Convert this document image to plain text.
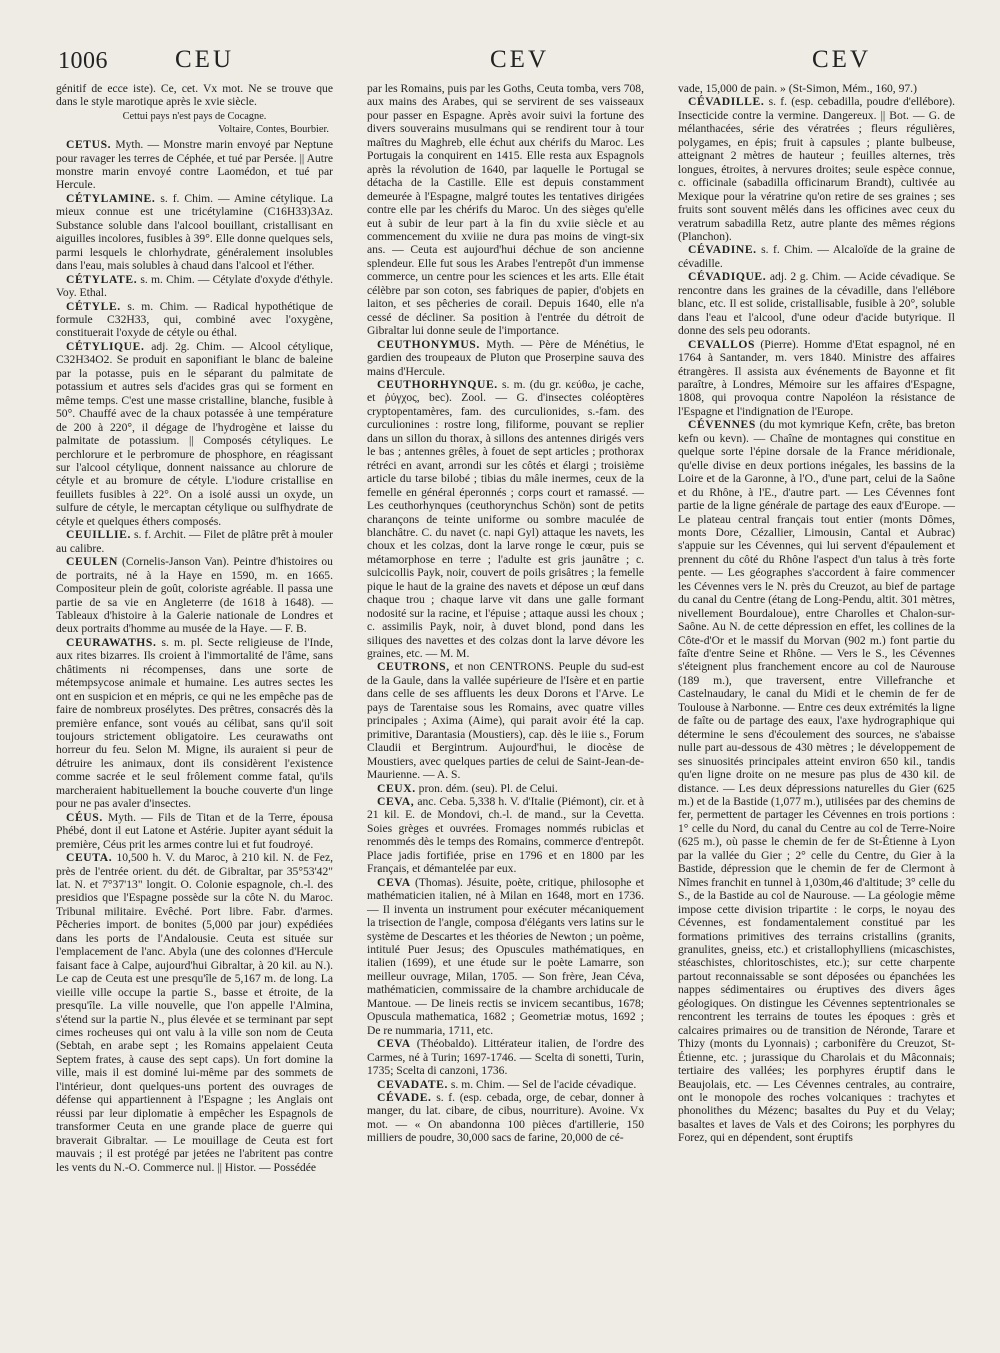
1006	CEU	CEV	CEV

génitif de ecce iste). Ce, cet. Vx mot. Ne se trouve que dans le style marotique après le xvie siècle.

Cettui pays n'est pays de Cocagne.
Voltaire, Contes, Bourbier.

CETUS. Myth. — Monstre marin envoyé par Neptune pour ravager les terres de Céphée, et tué par Persée. || Autre monstre marin envoyé contre Laomédon, et tué par Hercule.

CÉTYLAMINE. s. f. Chim. — Amine cétylique. La mieux connue est une tricétylamine (C16H33)3Az. Substance soluble dans l'alcool bouillant, cristallisant en aiguilles incolores, fusibles à 39°. Elle donne quelques sels, parmi lesquels le chlorhydrate, généralement insolubles dans l'eau, mais solubles à chaud dans l'alcool et l'éther.

CÉTYLATE. s. m. Chim. — Cétylate d'oxyde d'éthyle. Voy. Ethal.

CÉTYLE. s. m. Chim. — Radical hypothétique de formule C32H33, qui, combiné avec l'oxygène, constituerait l'oxyde de cétyle ou éthal.

CÉTYLIQUE. adj. 2g. Chim. — Alcool cétylique, C32H34O2. Se produit en saponifiant le blanc de baleine par la potasse, puis en le séparant du palmitate de potassium et autres sels d'acides gras qui se forment en même temps. C'est une masse cristalline, blanche, fusible à 50°. Chauffé avec de la chaux potassée à une température de 200 à 220°, il dégage de l'hydrogène et laisse du palmitate de potassium. || Composés cétyliques. Le perchlorure et le perbromure de phosphore, en réagissant sur l'alcool cétylique, donnent naissance au chlorure de cétyle et au bromure de cétyle. L'iodure cristallise en feuillets fusibles à 22°. On a isolé aussi un oxyde, un sulfure de cétyle, le mercaptan cétylique ou sulfhydrate de cétyle et quelques éthers composés.

CEUILLIE. s. f. Archit. — Filet de plâtre prêt à mouler au calibre.

CEULEN (Cornelis-Janson Van). Peintre d'histoires ou de portraits, né à la Haye en 1590, m. en 1665. Compositeur plein de goût, coloriste agréable. Il passa une partie de sa vie en Angleterre (de 1618 à 1648). — Tableaux d'histoire à la Galerie nationale de Londres et deux portraits d'homme au musée de la Haye. — F. B.

CEURAWATHS. s. m. pl. Secte religieuse de l'Inde, aux rites bizarres. Ils croient à l'immortalité de l'âme, sans châtiments ni récompenses, dans une sorte de métempsycose animale et humaine. Les autres sectes les ont en suspicion et en mépris, ce qui ne les empêche pas de faire de nombreux prosélytes. Des prêtres, consacrés dès la première enfance, sont voués au célibat, sans qu'il soit toujours strictement obligatoire. Les ceurawaths ont horreur du feu. Selon M. Migne, ils auraient si peur de détruire les animaux, dont ils considèrent l'existence comme sacrée et le seul frôlement comme fatal, qu'ils marcheraient habituellement la bouche couverte d'un linge pour ne pas avaler d'insectes.

CÉUS. Myth. — Fils de Titan et de la Terre, épousa Phébé, dont il eut Latone et Astérie. Jupiter ayant séduit la première, Céus prit les armes contre lui et fut foudroyé.

CEUTA. 10,500 h. V. du Maroc, à 210 kil. N. de Fez, près de l'entrée orient. du dét. de Gibraltar, par 35°53'42" lat. N. et 7°37'13" longit. O. Colonie espagnole, ch.-l. des presidios que l'Espagne possède sur la côte N. du Maroc. Tribunal militaire. Evêché. Port libre. Fabr. d'armes. Pêcheries import. de bonites (5,000 par jour) expédiées dans les ports de l'Andalousie. Ceuta est située sur l'emplacement de l'anc. Abyla (une des colonnes d'Hercule faisant face à Calpe, aujourd'hui Gibraltar, à 20 kil. au N.). Le cap de Ceuta est une presqu'île de 5,167 m. de long. La vieille ville occupe la partie S., basse et étroite, de la presqu'île. La ville nouvelle, que l'on appelle l'Almina, s'étend sur la partie N., plus élevée et se terminant par sept cimes rocheuses qui ont valu à la ville son nom de Ceuta (Sebtah, en arabe sept ; les Romains appelaient Ceuta Septem frates, à cause des sept caps). Un fort domine la ville, mais il est dominé lui-même par des sommets de l'intérieur, dont quelques-uns portent des ouvrages de défense qui appartiennent à l'Espagne ; les Anglais ont réussi par leur diplomatie à empêcher les Espagnols de transformer Ceuta en une grande place de guerre qui braverait Gibraltar. — Le mouillage de Ceuta est fort mauvais ; il est protégé par jetées ne l'abritent pas contre les vents du N.-O. Commerce nul. || Histor. — Possédée

par les Romains, puis par les Goths, Ceuta tomba, vers 708, aux mains des Arabes, qui se servirent de ses vaisseaux pour passer en Espagne. Après avoir suivi la fortune des divers souverains musulmans qui se rendirent tour à tour maîtres du Maghreb, elle échut aux chérifs du Maroc. Les Portugais la conquirent en 1415. Elle resta aux Espagnols après la révolution de 1640, par laquelle le Portugal se détacha de la Castille. Elle est depuis constamment demeurée à l'Espagne, malgré toutes les tentatives dirigées contre elle par les chérifs du Maroc. Un des sièges qu'elle eut à subir de leur part à la fin du xviie siècle et au commencement du xviiie ne dura pas moins de vingt-six ans. — Ceuta est aujourd'hui déchue de son ancienne splendeur. Elle fut sous les Arabes l'entrepôt d'un immense commerce, un centre pour les sciences et les arts. Elle était célèbre par son coton, ses fabriques de papier, d'objets en laiton, et ses pêcheries de corail. Depuis 1640, elle n'a cessé de décliner. Sa position à l'entrée du détroit de Gibraltar lui donne seule de l'importance.

CEUTHONYMUS. Myth. — Père de Ménétius, le gardien des troupeaux de Pluton que Proserpine sauva des mains d'Hercule.

CEUTHORHYNQUE. s. m. (du gr. κεύθω, je cache, et ῥύγχος, bec). Zool. — G. d'insectes coléoptères cryptopentamères, fam. des curculionides, s.-fam. des curculionines : rostre long, filiforme, pouvant se replier dans un sillon du thorax, à sillons des antennes dirigés vers le bas ; antennes grêles, à fouet de sept articles ; prothorax rétréci en avant, arrondi sur les côtés et élargi ; troisième article du tarse bilobé ; tibias du mâle inermes, ceux de la femelle en général éperonnés ; corps court et ramassé. — Les ceuthorhynques (ceuthorynchus Schön) sont de petits charançons de teinte uniforme ou sombre maculée de blanchâtre. C. du navet (c. napi Gyl) attaque les navets, les choux et les colzas, dont la larve ronge le cœur, puis se métamorphose en terre ; l'adulte est gris jaunâtre ; c. sulcicollis Payk, noir, couvert de poils grisâtres ; la femelle pique le haut de la graine des navets et dépose un œuf dans chaque trou ; chaque larve vit dans une galle formant nodosité sur la racine, et l'épuise ; attaque aussi les choux ; c. assimilis Payk, noir, à duvet blond, pond dans les siliques des navettes et des colzas dont la larve dévore les graines, etc. — M. M.

CEUTRONS, et non CENTRONS. Peuple du sud-est de la Gaule, dans la vallée supérieure de l'Isère et en partie dans celle de ses affluents les deux Dorons et l'Arve. Le pays de Tarentaise sous les Romains, avec quatre villes principales ; Axima (Aime), qui parait avoir été la cap. primitive, Darantasia (Moustiers), cap. dès le iiie s., Forum Claudii et Bergintrum. Aujourd'hui, le diocèse de Moustiers, avec quelques parties de celui de Saint-Jean-de-Maurienne. — A. S.

CEUX. pron. dém. (seu). Pl. de Celui.

CEVA, anc. Ceba. 5,338 h. V. d'Italie (Piémont), cir. et à 21 kil. E. de Mondovi, ch.-l. de mand., sur la Cevetta. Soies grèges et ouvrées. Fromages nommés rubiclas et renommés dès le temps des Romains, commerce d'entrepôt. Place jadis fortifiée, prise en 1796 et en 1800 par les Français, et démantelée par eux.

CEVA (Thomas). Jésuite, poète, critique, philosophe et mathématicien italien, né à Milan en 1648, mort en 1736. — Il inventa un instrument pour exécuter mécaniquement la trisection de l'angle, composa d'élégants vers latins sur le système de Descartes et les théories de Newton ; un poème, intitulé Puer Jesus; des Opuscules mathématiques, en italien (1699), et une étude sur le poète Lamarre, son meilleur ouvrage, Milan, 1705. — Son frère, Jean Céva, mathématicien, commissaire de la chambre archiducale de Mantoue. — De lineis rectis se invicem secantibus, 1678; Opuscula mathematica, 1682 ; Geometriæ motus, 1692 ; De re nummaria, 1711, etc.

CEVA (Théobaldo). Littérateur italien, de l'ordre des Carmes, né à Turin; 1697-1746. — Scelta di sonetti, Turin, 1735; Scelta di canzoni, 1736.

CEVADATE. s. m. Chim. — Sel de l'acide cévadique.

CÉVADE. s. f. (esp. cebada, orge, de cebar, donner à manger, du lat. cibare, de cibus, nourriture). Avoine. Vx mot. — « On abandonna 100 pièces d'artillerie, 150 milliers de poudre, 30,000 sacs de farine, 20,000 de cé-

vade, 15,000 de pain. » (St-Simon, Mém., 160, 97.)

CÉVADILLE. s. f. (esp. cebadilla, poudre d'ellébore). Insecticide contre la vermine. Dangereux. || Bot. — G. de mélanthacées, série des vératrées ; fleurs régulières, polygames, en épis; fruit à capsules ; plante bulbeuse, atteignant 2 mètres de hauteur ; feuilles alternes, très longues, étroites, à nervures droites; seule espèce connue, c. officinale (sabadilla officinarum Brandt), cultivée au Mexique pour la vératrine qu'on retire de ses graines ; ses fruits sont souvent mêlés dans les officines avec ceux du veratrum sabadilla Retz, autre plante des mêmes régions (Planchon).

CÉVADINE. s. f. Chim. — Alcaloïde de la graine de cévadille.

CÉVADIQUE. adj. 2 g. Chim. — Acide cévadique. Se rencontre dans les graines de la cévadille, dans l'ellébore blanc, etc. Il est solide, cristallisable, fusible à 20°, soluble dans l'eau et l'alcool, d'une odeur d'acide butyrique. Il donne des sels peu odorants.

CEVALLOS (Pierre). Homme d'Etat espagnol, né en 1764 à Santander, m. vers 1840. Ministre des affaires étrangères. Il assista aux événements de Bayonne et fit paraître, à Londres, Mémoire sur les affaires d'Espagne, 1808, qui provoqua contre Napoléon la résistance de l'Espagne et l'indignation de l'Europe.

CÉVENNES (du mot kymrique Kefn, crête, bas breton kefn ou kevn). — Chaîne de montagnes qui constitue en quelque sorte l'épine dorsale de la France méridionale, qu'elle divise en deux portions inégales, les bassins de la Loire et de la Garonne, à l'O., d'une part, celui de la Saône et du Rhône, à l'E., d'autre part. — Les Cévennes font partie de la ligne générale de partage des eaux d'Europe. — Le plateau central français tout entier (monts Dômes, monts Dore, Cézallier, Limousin, Cantal et Aubrac) s'appuie sur les Cévennes, qui lui servent d'épaulement et prennent du côté du Rhône l'aspect d'un talus à très forte pente. — Les géographes s'accordent à faire commencer les Cévennes vers le N. près du Creuzot, au bief de partage du canal du Centre (étang de Long-Pendu, altit. 301 mètres, nivellement Bourdaloue), entre Charolles et Chalon-sur-Saône. Au N. de cette dépression en effet, les collines de la Côte-d'Or et le massif du Morvan (902 m.) font partie du faîte d'entre Seine et Rhône. — Vers le S., les Cévennes s'éteignent plus franchement encore au col de Naurouse (189 m.), que traversent, entre Villefranche et Castelnaudary, le canal du Midi et le chemin de fer de Toulouse à Narbonne. — Entre ces deux extrémités la ligne de faîte ou de partage des eaux, l'axe hydrographique qui détermine le sens d'écoulement des sources, ne s'abaisse nulle part au-dessous de 430 mètres ; le développement de ses sinuosités principales atteint environ 650 kil., tandis qu'en ligne droite on ne mesure pas plus de 430 kil. de distance. — Les deux dépressions naturelles du Gier (625 m.) et de la Bastide (1,077 m.), utilisées par des chemins de fer, permettent de partager les Cévennes en trois portions : 1° celle du Nord, du canal du Centre au col de Terre-Noire (625 m.), où passe le chemin de fer de St-Étienne à Lyon par la vallée du Gier ; 2° celle du Centre, du Gier à la Bastide, dépression que le chemin de fer de Clermont à Nîmes franchit en tunnel à 1,030m,46 d'altitude; 3° celle du S., de la Bastide au col de Naurouse. — La géologie même impose cette division tripartite : le corps, le noyau des Cévennes, est fondamentalement constitué par les formations primitives des terrains cristallins (granits, granulites, gneiss, etc.) et cristallophylliens (micaschistes, stéaschistes, chloritoschistes, etc.); sur cette charpente partout reconnaissable se sont déposées ou épanchées les nappes sédimentaires ou éruptives des divers âges géologiques. On distingue les Cévennes septentrionales se rencontrent les terrains de toutes les époques : grès et calcaires primaires ou de transition de Néronde, Tarare et Thizy (monts du Lyonnais) ; carbonifère du Creuzot, St-Étienne, etc. ; jurassique du Charolais et du Mâconnais; tertiaire des vallées; les porphyres éruptif dans le Beaujolais, etc. — Les Cévennes centrales, au contraire, ont le monopole des roches volcaniques : trachytes et phonolithes du Mézenc; basaltes du Puy et du Velay; basaltes et laves de Vals et des Coirons; les porphyres du Forez, qui en dépendent, sont éruptifs
